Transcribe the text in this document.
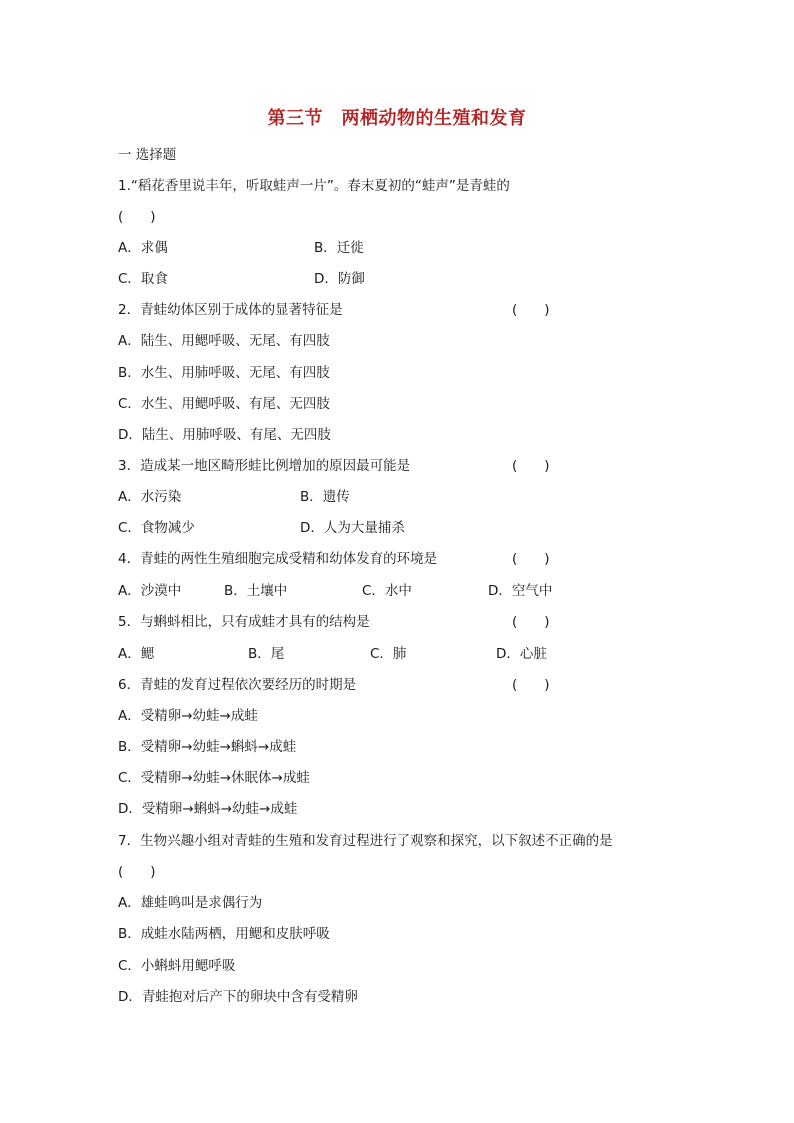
第三节　两栖动物的生殖和发育
一 选择题
1.“稻花香里说丰年，听取蛙声一片”。春末夏初的“蛙声”是青蛙的
(　　)
A．求偶	B．迁徙
C．取食	D．防御
2．青蛙幼体区别于成体的显著特征是	(　　)
A．陆生、用鳃呼吸、无尾、有四肢
B．水生、用肺呼吸、无尾、有四肢
C．水生、用鳃呼吸、有尾、无四肢
D．陆生、用肺呼吸、有尾、无四肢
3．造成某一地区畸形蛙比例增加的原因最可能是	(　　)
A．水污染	B．遗传
C．食物减少	D．人为大量捕杀
4．青蛙的两性生殖细胞完成受精和幼体发育的环境是	(　　)
A．沙漠中	B．土壤中	C．水中	D．空气中
5．与蝌蚪相比，只有成蛙才具有的结构是	(　　)
A．鳃	B．尾	C．肺	D．心脏
6．青蛙的发育过程依次要经历的时期是	(　　)
A．受精卵→幼蛙→成蛙
B．受精卵→幼蛙→蝌蚪→成蛙
C．受精卵→幼蛙→休眠体→成蛙
D．受精卵→蝌蚪→幼蛙→成蛙
7．生物兴趣小组对青蛙的生殖和发育过程进行了观察和探究，以下叙述不正确的是
(　　)
A．雄蛙鸣叫是求偶行为
B．成蛙水陆两栖，用鳃和皮肤呼吸
C．小蝌蚪用鳃呼吸
D．青蛙抱对后产下的卵块中含有受精卵
